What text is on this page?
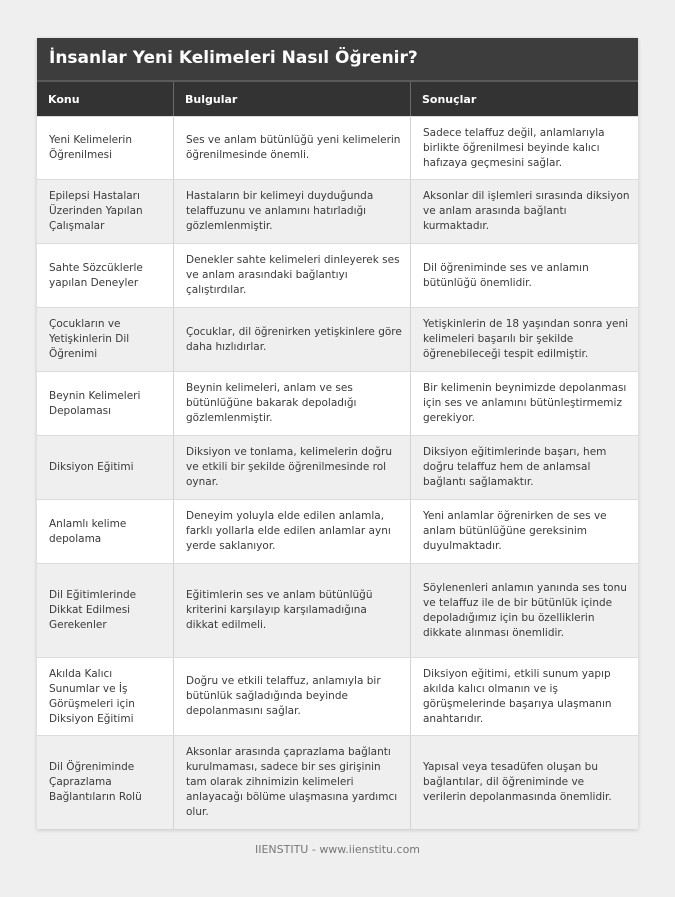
İnsanlar Yeni Kelimeleri Nasıl Öğrenir?
Konu	Bulgular	Sonuçlar
Yeni Kelimelerin Öğrenilmesi
Ses ve anlam bütünlüğü yeni kelimelerin öğrenilmesinde önemli.
Sadece telaffuz değil, anlamlarıyla birlikte öğrenilmesi beyinde kalıcı hafızaya geçmesini sağlar.
Epilepsi Hastaları Üzerinden Yapılan Çalışmalar
Hastaların bir kelimeyi duyduğunda telaffuzunu ve anlamını hatırladığı gözlemlenmiştir.
Aksonlar dil işlemleri sırasında diksiyon ve anlam arasında bağlantı kurmaktadır.
Sahte Sözcüklerle yapılan Deneyler
Denekler sahte kelimeleri dinleyerek ses ve anlam arasındaki bağlantıyı çalıştırdılar.
Dil öğreniminde ses ve anlamın bütünlüğü önemlidir.
Çocukların ve Yetişkinlerin Dil Öğrenimi
Çocuklar, dil öğrenirken yetişkinlere göre daha hızlıdırlar.
Yetişkinlerin de 18 yaşından sonra yeni kelimeleri başarılı bir şekilde öğrenebileceği tespit edilmiştir.
Beynin Kelimeleri Depolaması
Beynin kelimeleri, anlam ve ses bütünlüğüne bakarak depoladığı gözlemlenmiştir.
Bir kelimenin beynimizde depolanması için ses ve anlamını bütünleştirmemiz gerekiyor.
Diksiyon Eğitimi
Diksiyon ve tonlama, kelimelerin doğru ve etkili bir şekilde öğrenilmesinde rol oynar.
Diksiyon eğitimlerinde başarı, hem doğru telaffuz hem de anlamsal bağlantı sağlamaktır.
Anlamlı kelime depolama
Deneyim yoluyla elde edilen anlamla, farklı yollarla elde edilen anlamlar aynı yerde saklanıyor.
Yeni anlamlar öğrenirken de ses ve anlam bütünlüğüne gereksinim duyulmaktadır.
Dil Eğitimlerinde Dikkat Edilmesi Gerekenler
Eğitimlerin ses ve anlam bütünlüğü kriterini karşılayıp karşılamadığına dikkat edilmeli.
Söylenenleri anlamın yanında ses tonu ve telaffuz ile de bir bütünlük içinde depoladığımız için bu özelliklerin dikkate alınması önemlidir.
Akılda Kalıcı Sunumlar ve İş Görüşmeleri için Diksiyon Eğitimi
Doğru ve etkili telaffuz, anlamıyla bir bütünlük sağladığında beyinde depolanmasını sağlar.
Diksiyon eğitimi, etkili sunum yapıp akılda kalıcı olmanın ve iş görüşmelerinde başarıya ulaşmanın anahtarıdır.
Dil Öğreniminde Çaprazlama Bağlantıların Rolü
Aksonlar arasında çaprazlama bağlantı kurulmaması, sadece bir ses girişinin tam olarak zihnimizin kelimeleri anlayacağı bölüme ulaşmasına yardımcı olur.
Yapısal veya tesadüfen oluşan bu bağlantılar, dil öğreniminde ve verilerin depolanmasında önemlidir.
IIENSTITU - www.iienstitu.com
